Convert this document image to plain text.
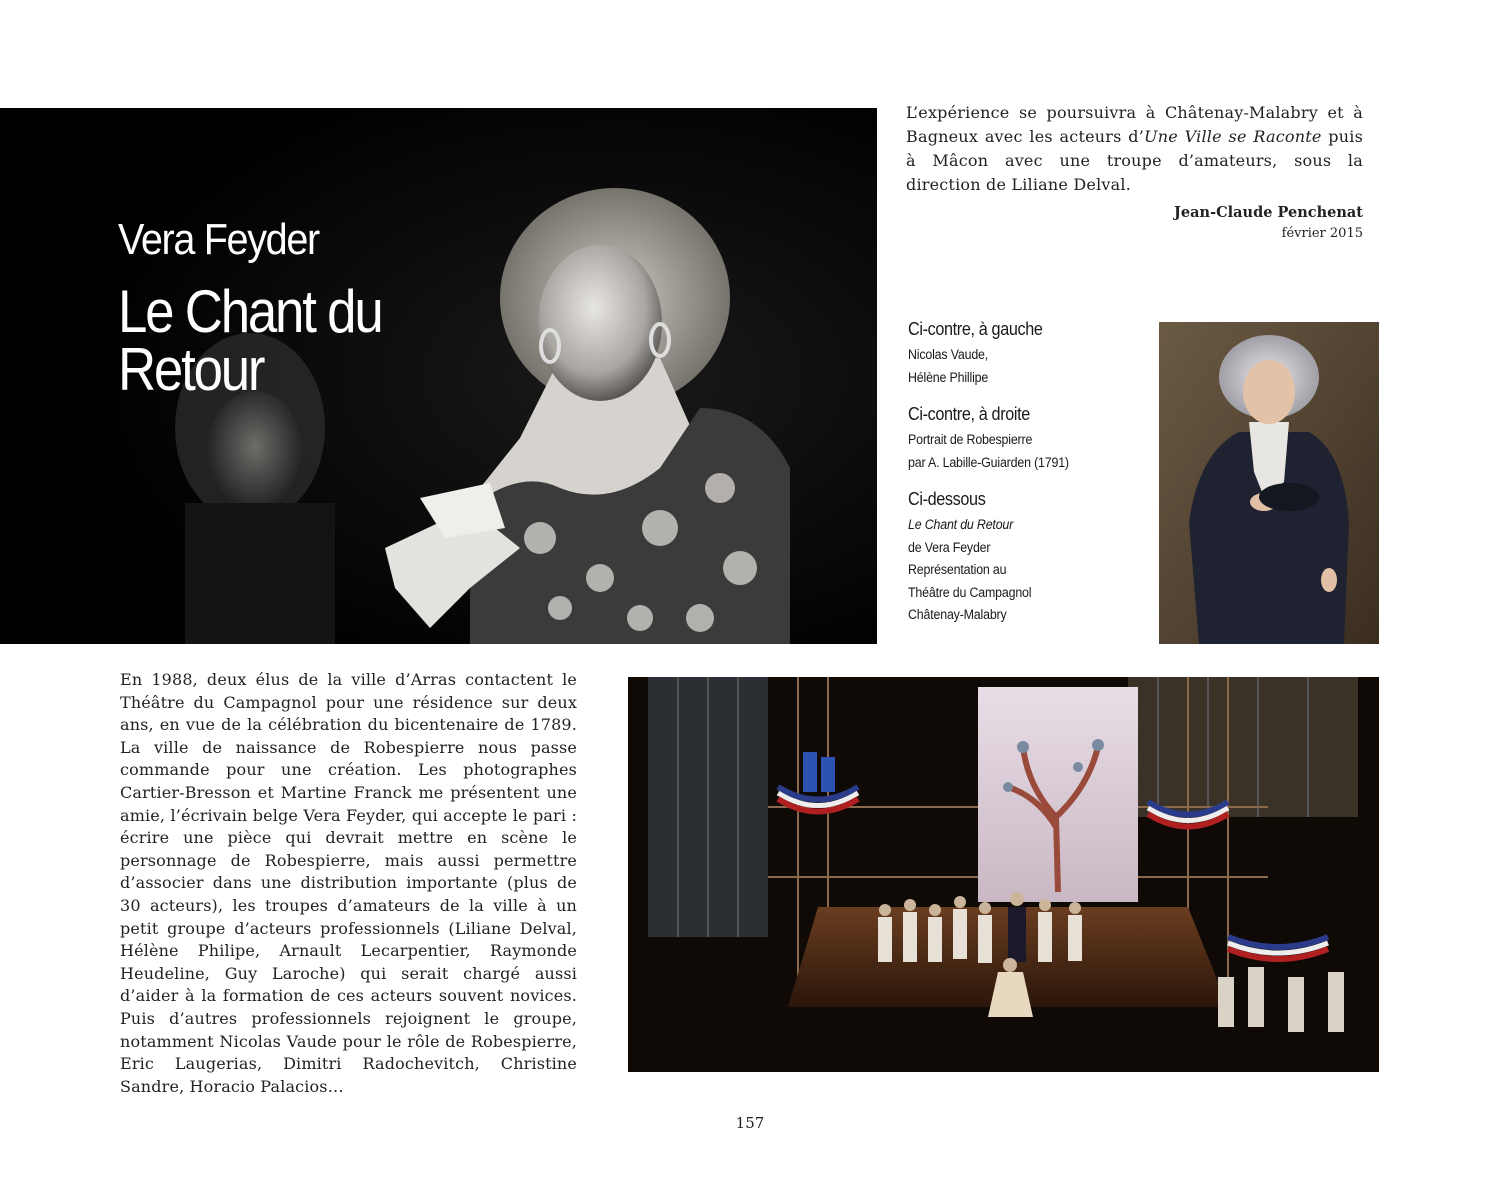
Vera Feyder
Le Chant du Retour

L’expérience se poursuivra à Châtenay-Malabry et à Bagneux avec les acteurs d’Une Ville se Raconte puis à Mâcon avec une troupe d’amateurs, sous la direction de Liliane Delval.

Jean-Claude Penchenat
février 2015
Ci-contre, à gauche
Nicolas Vaude,
Hélène Phillipe
Ci-contre, à droite
Portrait de Robespierre
par A. Labille-Guiarden (1791)
Ci-dessous
Le Chant du Retour
de Vera Feyder
Représentation au
Théâtre du Campagnol
Châtenay-Malabry

En 1988, deux élus de la ville d’Arras contactent le Théâtre du Campagnol pour une résidence sur deux ans, en vue de la célébration du bicentenaire de 1789. La ville de naissance de Robespierre nous passe commande pour une création. Les photographes Cartier-Bresson et Martine Franck me présentent une amie, l’écrivain belge Vera Feyder, qui accepte le pari : écrire une pièce qui devrait mettre en scène le personnage de Robespierre, mais aussi permettre d’associer dans une distribution importante (plus de 30 acteurs), les troupes d’amateurs de la ville à un petit groupe d’acteurs professionnels (Liliane Delval, Hélène Philipe, Arnault Lecarpentier, Raymonde Heudeline, Guy Laroche) qui serait chargé aussi d’aider à la formation de ces acteurs souvent novices. Puis d’autres professionnels rejoignent le groupe, notamment Nicolas Vaude pour le rôle de Robespierre, Eric Laugerias, Dimitri Radochevitch, Christine Sandre, Horacio Palacios…

157
